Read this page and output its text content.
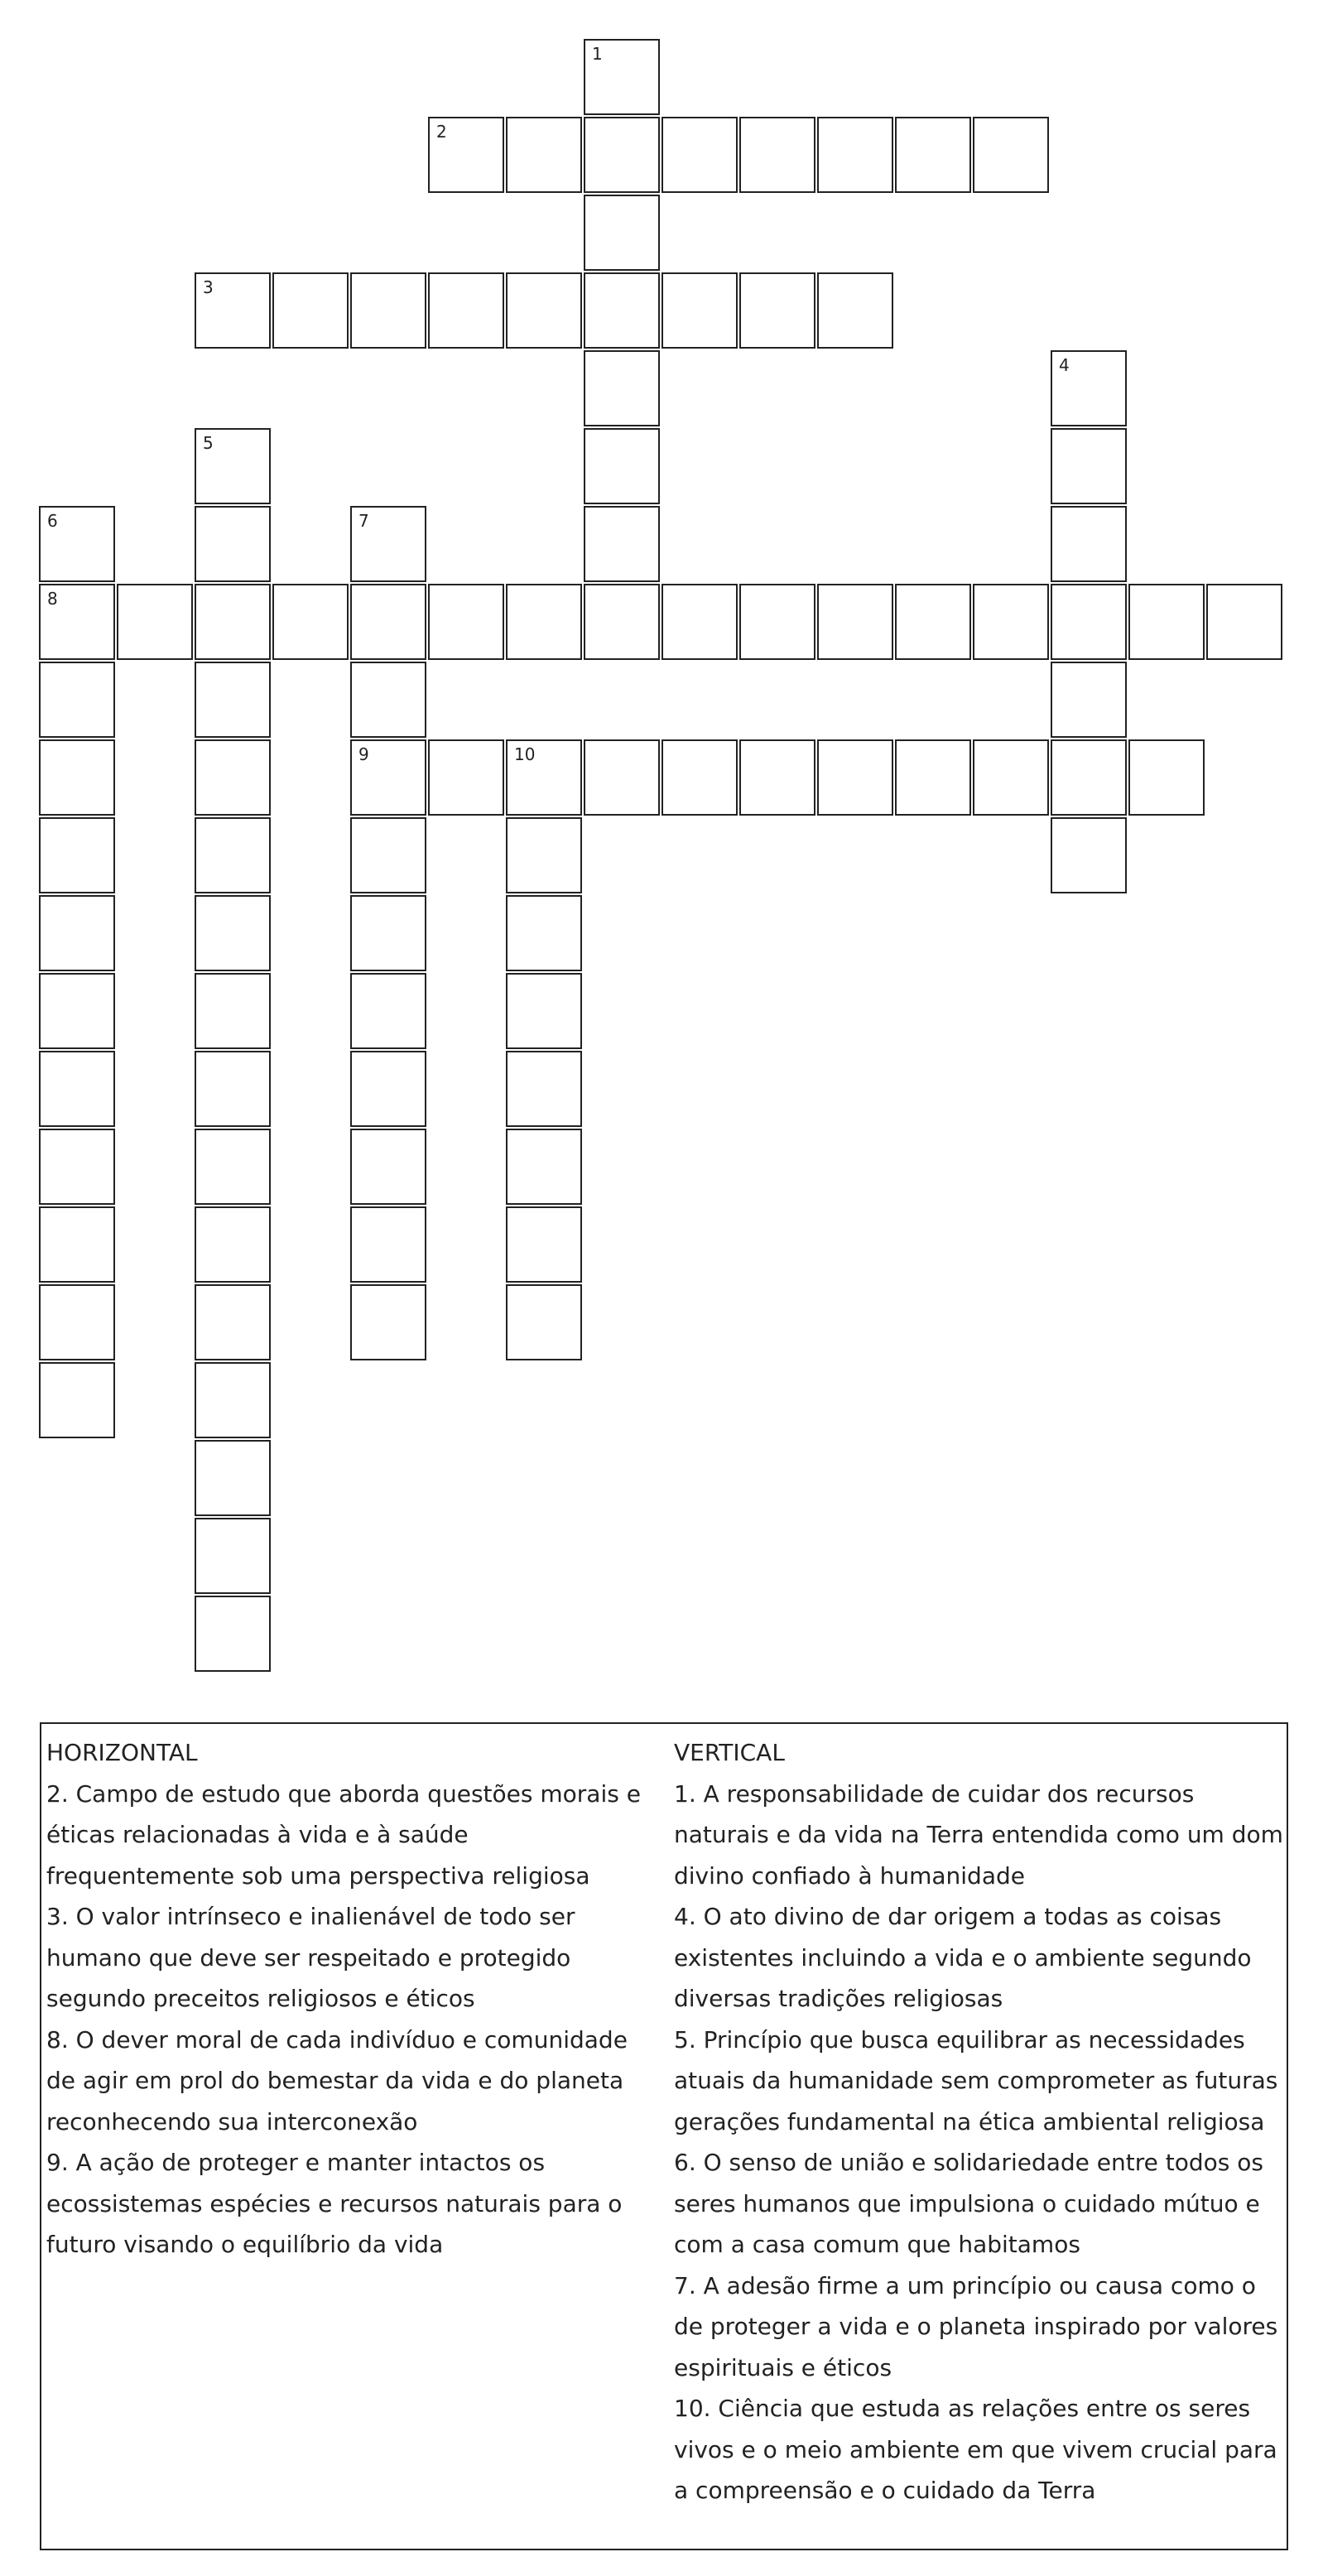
1
2
3
4
5
6
8
7
9	10
HORIZONTAL

2. Campo de estudo que aborda questões morais e éticas relacionadas à vida e à saúde frequentemente sob uma perspectiva religiosa

3. O valor intrínseco e inalienável de todo ser humano que deve ser respeitado e protegido segundo preceitos religiosos e éticos

8. O dever moral de cada indivíduo e comunidade de agir em prol do bemestar da vida e do planeta reconhecendo sua interconexão

9. A ação de proteger e manter intactos os ecossistemas espécies e recursos naturais para o futuro visando o equilíbrio da vida

VERTICAL

1. A responsabilidade de cuidar dos recursos naturais e da vida na Terra entendida como um dom divino confiado à humanidade

4. O ato divino de dar origem a todas as coisas existentes incluindo a vida e o ambiente segundo diversas tradições religiosas

5. Princípio que busca equilibrar as necessidades atuais da humanidade sem comprometer as futuras gerações fundamental na ética ambiental religiosa

6. O senso de união e solidariedade entre todos os seres humanos que impulsiona o cuidado mútuo e com a casa comum que habitamos

7. A adesão firme a um princípio ou causa como o de proteger a vida e o planeta inspirado por valores espirituais e éticos

10. Ciência que estuda as relações entre os seres vivos e o meio ambiente em que vivem crucial para a compreensão e o cuidado da Terra
